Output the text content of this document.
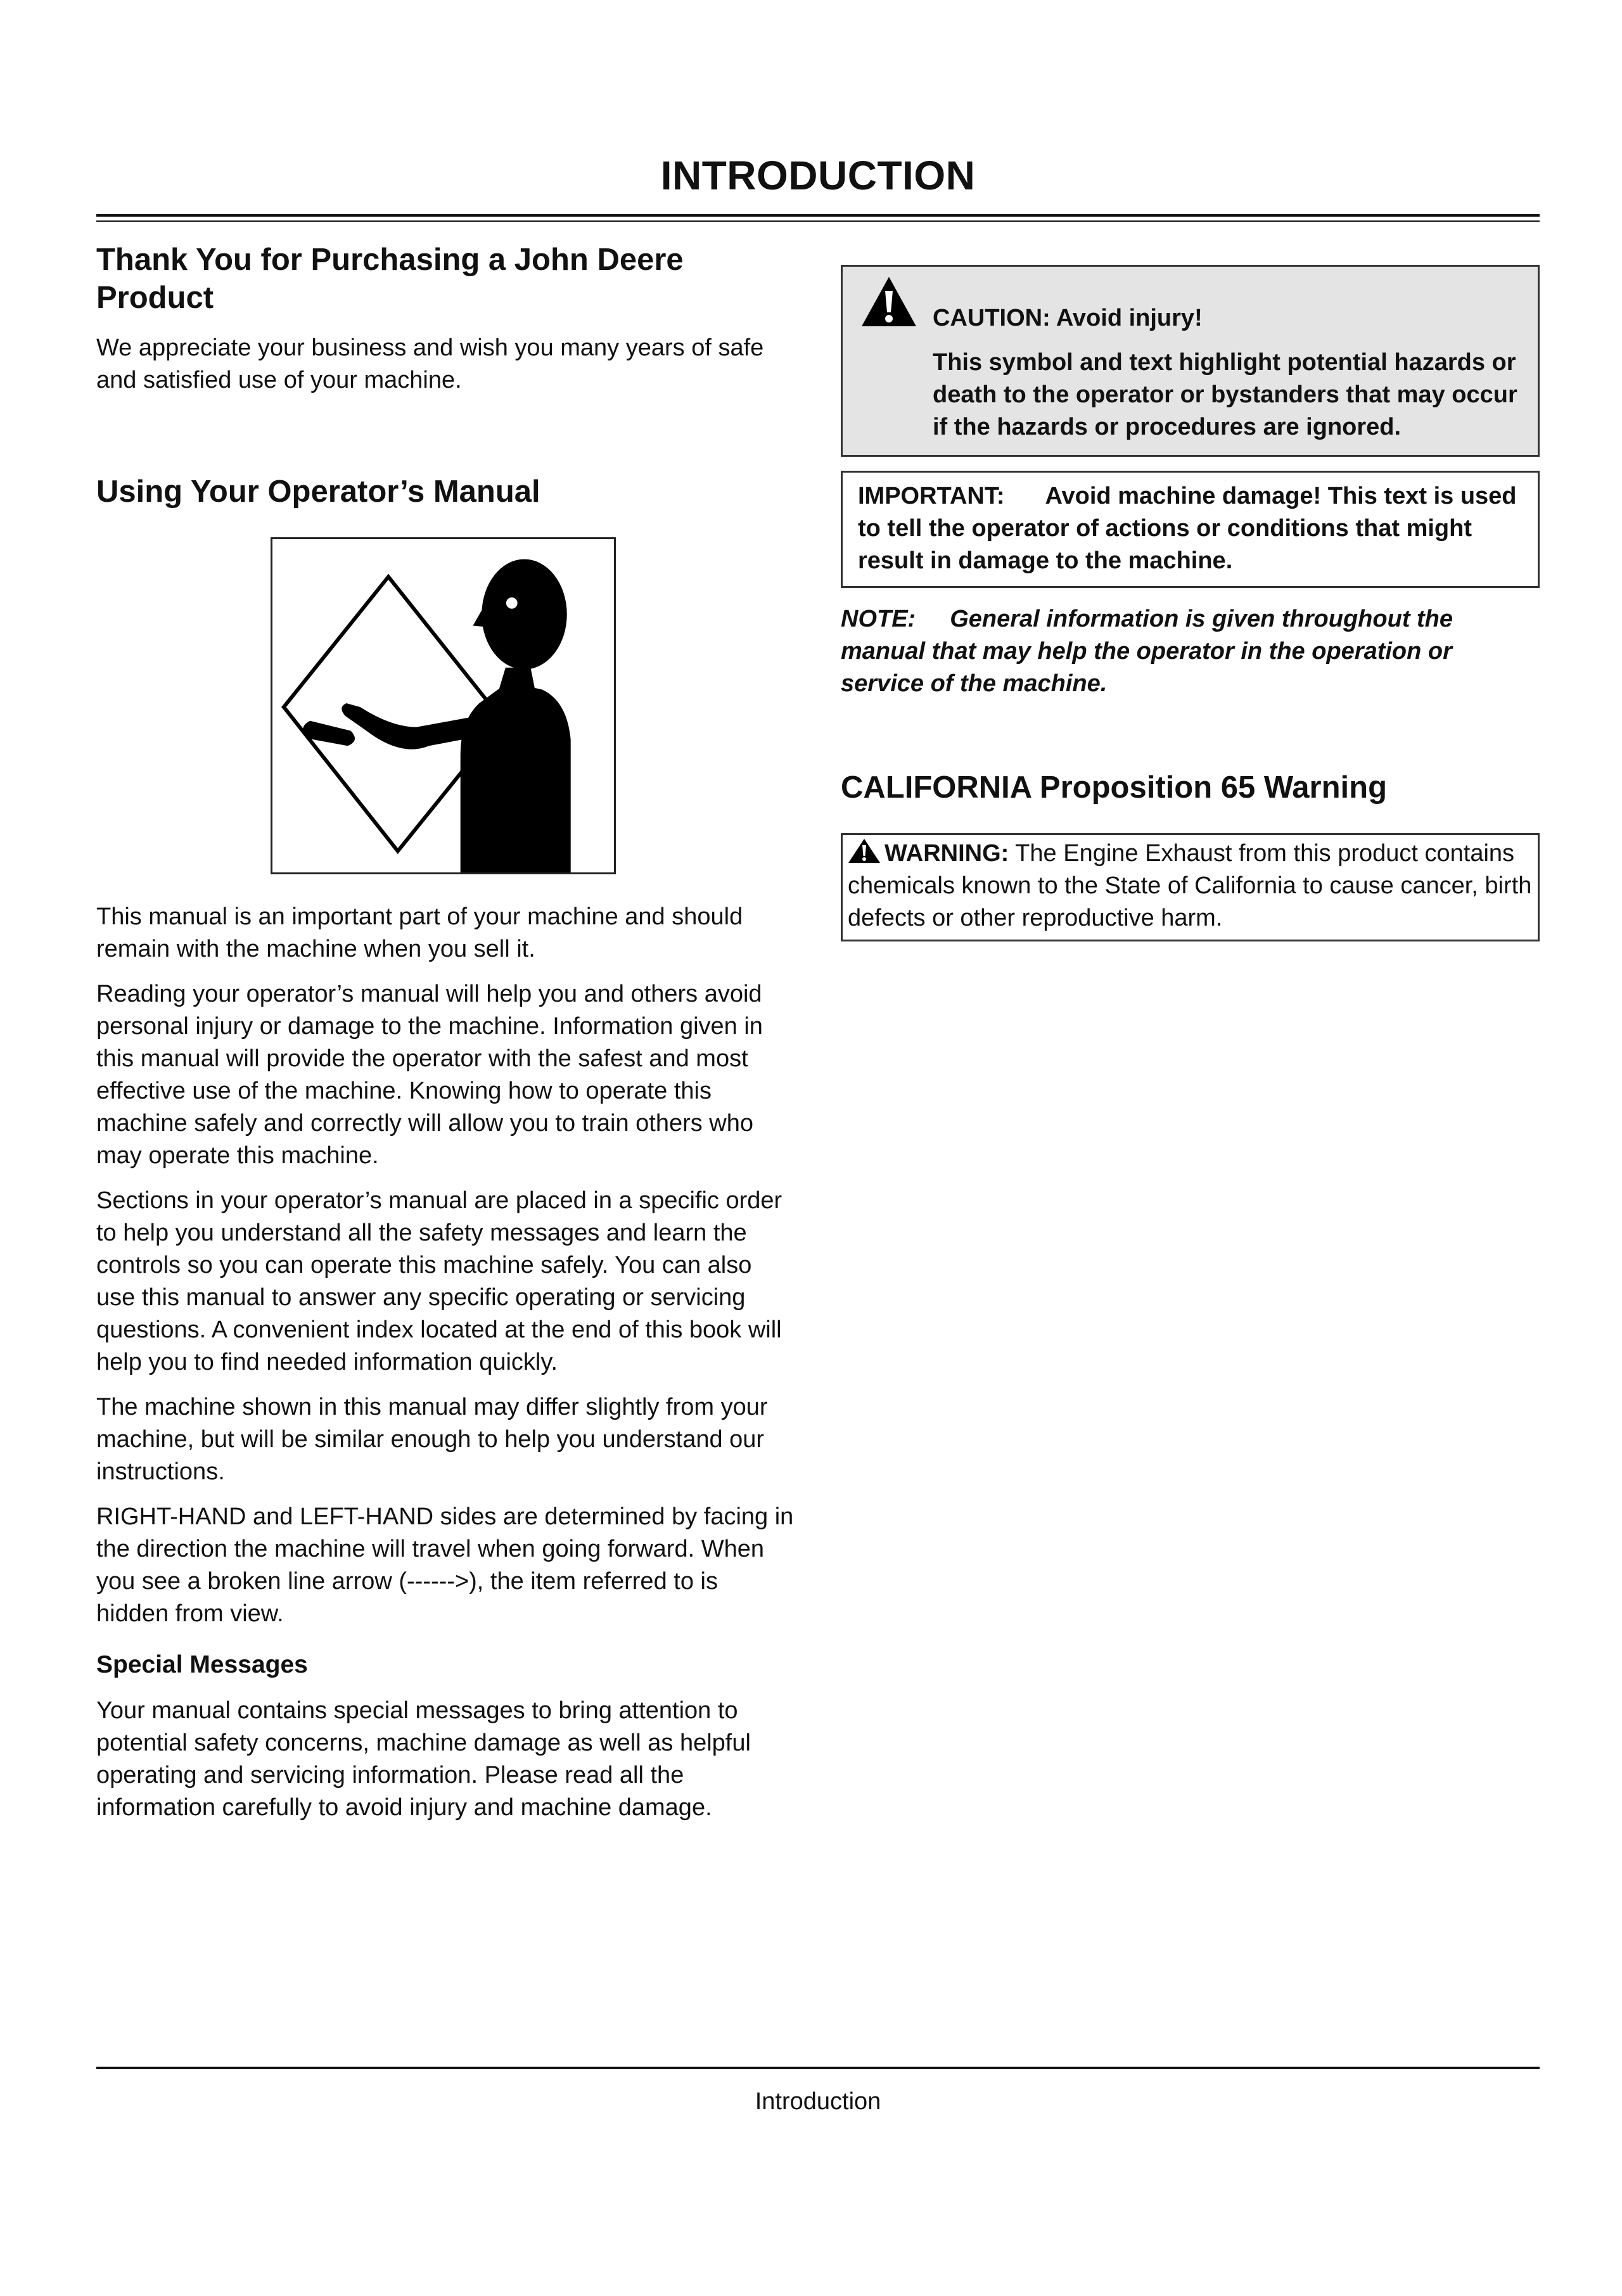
INTRODUCTION
Thank You for Purchasing a John Deere Product

We appreciate your business and wish you many years of safe and satisfied use of your machine.

Using Your Operator’s Manual

This manual is an important part of your machine and should remain with the machine when you sell it.

Reading your operator’s manual will help you and others avoid personal injury or damage to the machine. Information given in this manual will provide the operator with the safest and most effective use of the machine. Knowing how to operate this machine safely and correctly will allow you to train others who may operate this machine.

Sections in your operator’s manual are placed in a specific order to help you understand all the safety messages and learn the controls so you can operate this machine safely. You can also use this manual to answer any specific operating or servicing questions. A convenient index located at the end of this book will help you to find needed information quickly.

The machine shown in this manual may differ slightly from your machine, but will be similar enough to help you understand our instructions.

RIGHT-HAND and LEFT-HAND sides are determined by facing in the direction the machine will travel when going forward. When you see a broken line arrow (------>), the item referred to is hidden from view.

Special Messages

Your manual contains special messages to bring attention to potential safety concerns, machine damage as well as helpful operating and servicing information. Please read all the information carefully to avoid injury and machine damage.

CAUTION: Avoid injury!
This symbol and text highlight potential hazards or death to the operator or bystanders that may occur if the hazards or procedures are ignored.
IMPORTANT: Avoid machine damage! This text is used to tell the operator of actions or conditions that might result in damage to the machine.
NOTE: General information is given throughout the manual that may help the operator in the operation or service of the machine.
CALIFORNIA Proposition 65 Warning
WARNING: The Engine Exhaust from this product contains chemicals known to the State of California to cause cancer, birth defects or other reproductive harm.
Introduction
